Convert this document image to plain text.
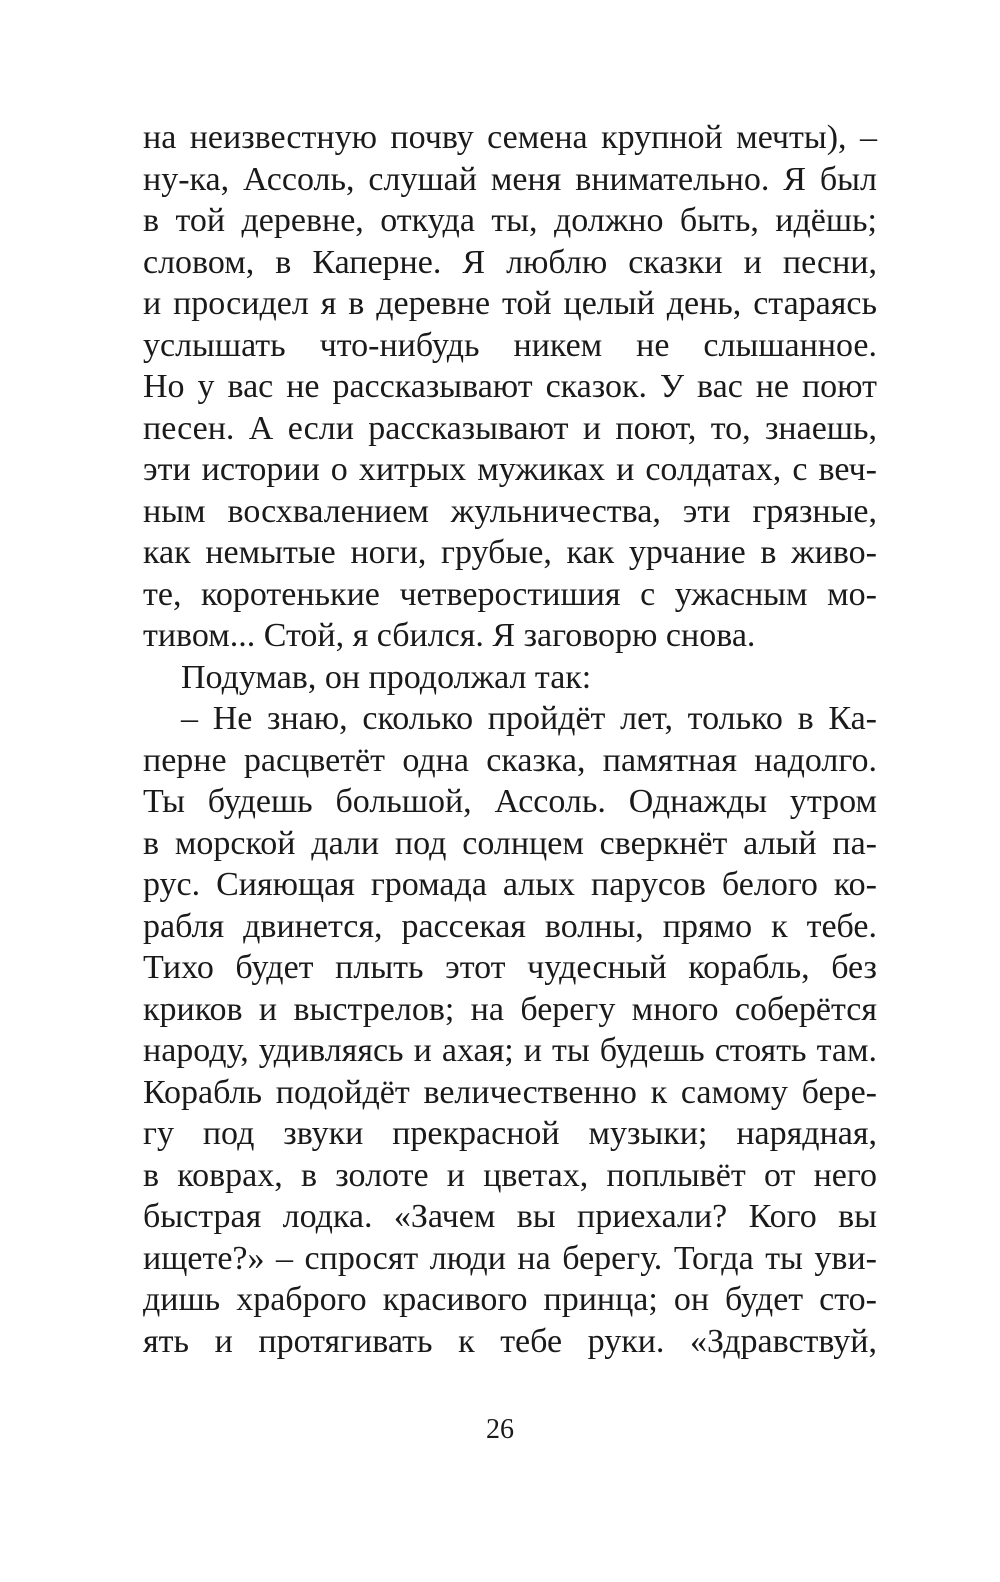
на неизвестную почву семена крупной мечты), –
ну-ка, Ассоль, слушай меня внимательно. Я был
в той деревне, откуда ты, должно быть, идёшь;
словом, в Каперне. Я люблю сказки и песни,
и просидел я в деревне той целый день, стараясь
услышать что-нибудь никем не слышанное.
Но у вас не рассказывают сказок. У вас не поют
песен. А если рассказывают и поют, то, знаешь,
эти истории о хитрых мужиках и солдатах, с веч-
ным восхвалением жульничества, эти грязные,
как немытые ноги, грубые, как урчание в живо-
те, коротенькие четверостишия с ужасным мо-
тивом... Стой, я сбился. Я заговорю снова.
Подумав, он продолжал так:
– Не знаю, сколько пройдёт лет, только в Ка-
перне расцветёт одна сказка, памятная надолго.
Ты будешь большой, Ассоль. Однажды утром
в морской дали под солнцем сверкнёт алый па-
рус. Сияющая громада алых парусов белого ко-
рабля двинется, рассекая волны, прямо к тебе.
Тихо будет плыть этот чудесный корабль, без
криков и выстрелов; на берегу много соберётся
народу, удивляясь и ахая; и ты будешь стоять там.
Корабль подойдёт величественно к самому бере-
гу под звуки прекрасной музыки; нарядная,
в коврах, в золоте и цветах, поплывёт от него
быстрая лодка. «Зачем вы приехали? Кого вы
ищете?» – спросят люди на берегу. Тогда ты уви-
дишь храброго красивого принца; он будет сто-
ять и протягивать к тебе руки. «Здравствуй,
26
